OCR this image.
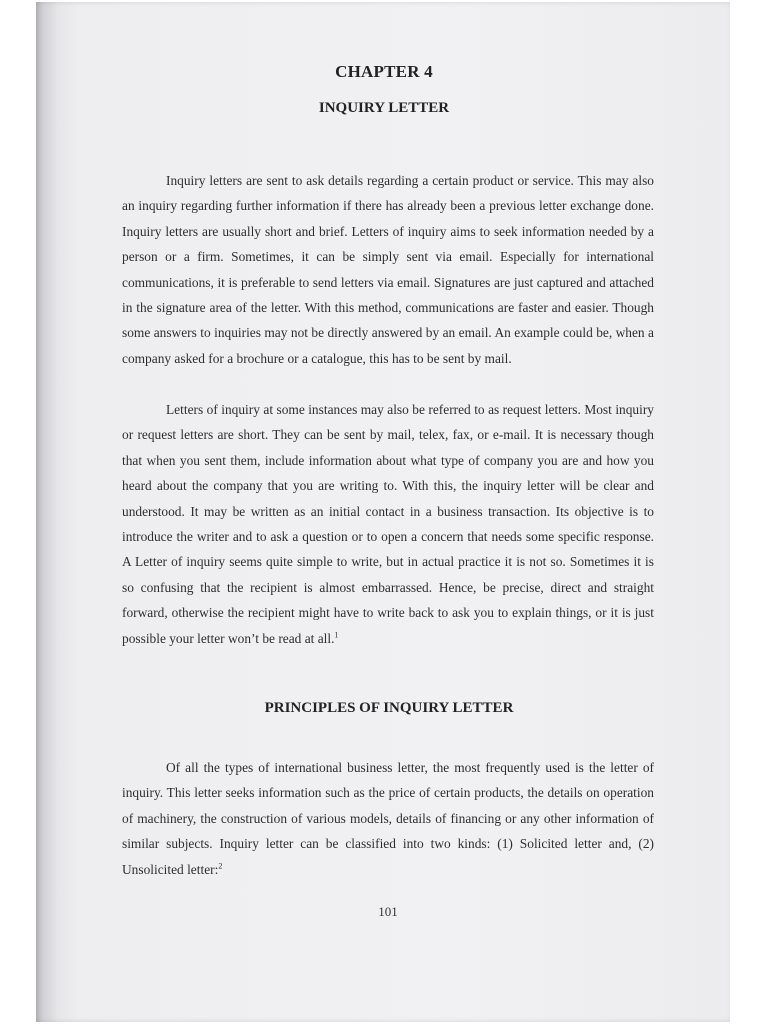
CHAPTER 4
INQUIRY LETTER

Inquiry letters are sent to ask details regarding a certain product or service. This may also an inquiry regarding further information if there has already been a previous letter exchange done. Inquiry letters are usually short and brief. Letters of inquiry aims to seek information needed by a person or a firm. Sometimes, it can be simply sent via email. Especially for international communications, it is preferable to send letters via email. Signatures are just captured and attached in the signature area of the letter. With this method, communications are faster and easier. Though some answers to inquiries may not be directly answered by an email. An example could be, when a company asked for a brochure or a catalogue, this has to be sent by mail.

Letters of inquiry at some instances may also be referred to as request letters. Most inquiry or request letters are short. They can be sent by mail, telex, fax, or e-mail. It is necessary though that when you sent them, include information about what type of company you are and how you heard about the company that you are writing to. With this, the inquiry letter will be clear and understood. It may be written as an initial contact in a business transaction. Its objective is to introduce the writer and to ask a question or to open a concern that needs some specific response. A Letter of inquiry seems quite simple to write, but in actual practice it is not so. Sometimes it is so confusing that the recipient is almost embarrassed. Hence, be precise, direct and straight forward, otherwise the recipient might have to write back to ask you to explain things, or it is just possible your letter won’t be read at all.$^1$

PRINCIPLES OF INQUIRY LETTER

Of all the types of international business letter, the most frequently used is the letter of inquiry. This letter seeks information such as the price of certain products, the details on operation of machinery, the construction of various models, details of financing or any other information of similar subjects. Inquiry letter can be classified into two kinds: (1) Solicited letter and, (2) Unsolicited letter:$^2$

101
